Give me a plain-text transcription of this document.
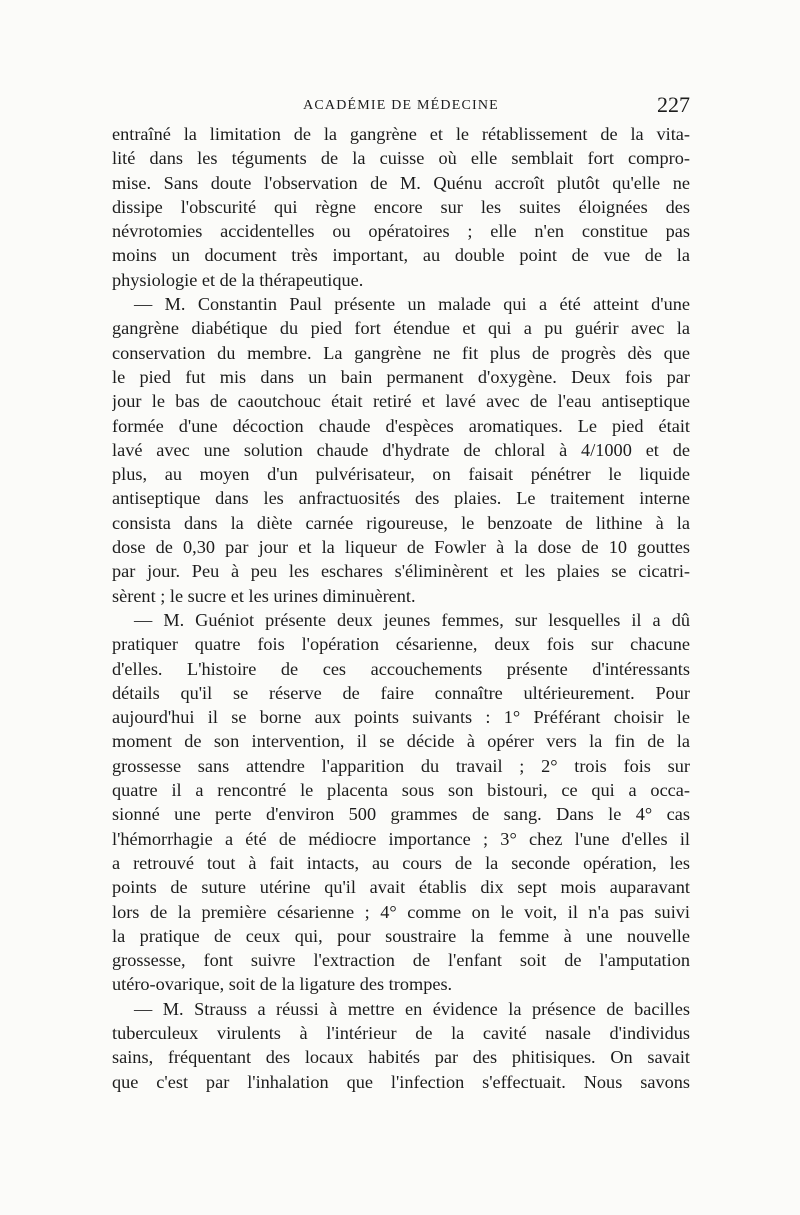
ACADÉMIE DE MÉDECINE	227
entraîné la limitation de la gangrène et le rétablissement de la vita-
lité dans les téguments de la cuisse où elle semblait fort compro-
mise. Sans doute l'observation de M. Quénu accroît plutôt qu'elle ne
dissipe l'obscurité qui règne encore sur les suites éloignées des
névrotomies accidentelles ou opératoires ; elle n'en constitue pas
moins un document très important, au double point de vue de la
physiologie et de la thérapeutique.
— M. Constantin Paul présente un malade qui a été atteint d'une
gangrène diabétique du pied fort étendue et qui a pu guérir avec la
conservation du membre. La gangrène ne fit plus de progrès dès que
le pied fut mis dans un bain permanent d'oxygène. Deux fois par
jour le bas de caoutchouc était retiré et lavé avec de l'eau antiseptique
formée d'une décoction chaude d'espèces aromatiques. Le pied était
lavé avec une solution chaude d'hydrate de chloral à 4/1000 et de
plus, au moyen d'un pulvérisateur, on faisait pénétrer le liquide
antiseptique dans les anfractuosités des plaies. Le traitement interne
consista dans la diète carnée rigoureuse, le benzoate de lithine à la
dose de 0,30 par jour et la liqueur de Fowler à la dose de 10 gouttes
par jour. Peu à peu les eschares s'éliminèrent et les plaies se cicatri-
sèrent ; le sucre et les urines diminuèrent.
— M. Guéniot présente deux jeunes femmes, sur lesquelles il a dû
pratiquer quatre fois l'opération césarienne, deux fois sur chacune
d'elles. L'histoire de ces accouchements présente d'intéressants
détails qu'il se réserve de faire connaître ultérieurement. Pour
aujourd'hui il se borne aux points suivants : 1° Préférant choisir le
moment de son intervention, il se décide à opérer vers la fin de la
grossesse sans attendre l'apparition du travail ; 2° trois fois sur
quatre il a rencontré le placenta sous son bistouri, ce qui a occa-
sionné une perte d'environ 500 grammes de sang. Dans le 4° cas
l'hémorrhagie a été de médiocre importance ; 3° chez l'une d'elles il
a retrouvé tout à fait intacts, au cours de la seconde opération, les
points de suture utérine qu'il avait établis dix sept mois auparavant
lors de la première césarienne ; 4° comme on le voit, il n'a pas suivi
la pratique de ceux qui, pour soustraire la femme à une nouvelle
grossesse, font suivre l'extraction de l'enfant soit de l'amputation
utéro-ovarique, soit de la ligature des trompes.
— M. Strauss a réussi à mettre en évidence la présence de bacilles
tuberculeux virulents à l'intérieur de la cavité nasale d'individus
sains, fréquentant des locaux habités par des phitisiques. On savait
que c'est par l'inhalation que l'infection s'effectuait. Nous savons
